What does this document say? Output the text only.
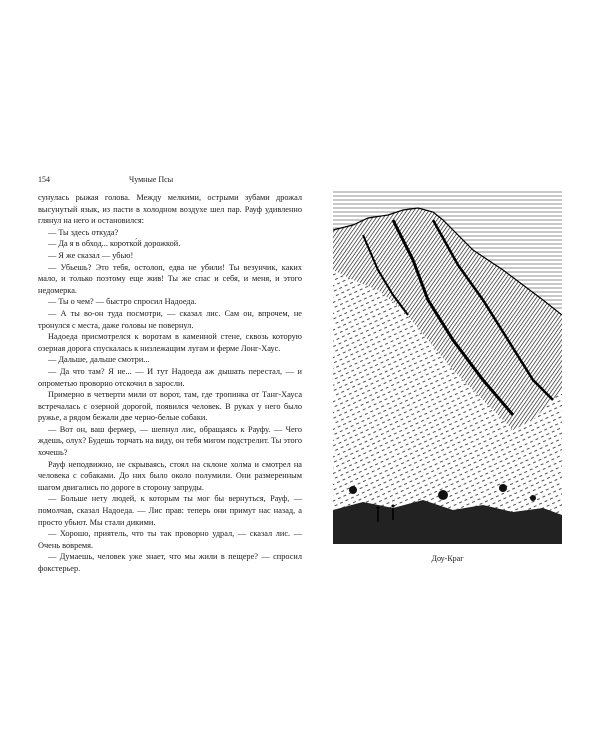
154	Чумные Псы

сунулась рыжая голова. Между мелкими, острыми зубами дрожал высунутый язык, из пасти в холодном воздухе шел пар. Рауф удивленно глянул на него и остановился:

— Ты здесь откуда?

— Да я в обход... коротко́й дорожкой.

— Я же сказал — убью!

— Убьешь? Это тебя, остолоп, едва не убили! Ты везунчик, каких мало, и только поэтому еще жив! Ты же спас и себя, и меня, и этого недомерка.

— Ты о чем? — быстро спросил Надоеда.

— А ты во-он туда посмотри, — сказал лис. Сам он, впрочем, не тронулся с места, даже головы не повернул.

Надоеда присмотрелся к воротам в каменной стене, сквозь которую озерная дорога спускалась к низлежащим лугам и ферме Лонг-Хаус.

— Дальше, дальше смотри...

— Да что там? Я не... — И тут Надоеда аж дышать перестал, — и опрометью проворно отскочил в заросли.

Примерно в четверти мили от ворот, там, где тропинка от Танг-Хауса встречалась с озерной дорогой, появился человек. В руках у него было ружье, а рядом бежали две черно-белые собаки.

— Вот он, ваш фермер, — шепнул лис, обращаясь к Рауфу. — Чего ждешь, олух? Будешь торчать на виду, он тебя мигом подстрелит. Ты этого хочешь?

Рауф неподвижно, не скрываясь, стоял на склоне холма и смотрел на человека с собаками. До них было около полумили. Они размеренным шагом двигались по дороге в сторону запруды.

— Больше нету людей, к которым ты мог бы вернуться, Рауф, — помолчав, сказал Надоеда. — Лис прав: теперь они примут нас назад, а просто убьют. Мы стали дикими.

— Хорошо, приятель, что ты так проворно удрал, — сказал лис. — Очень вовремя.

— Думаешь, человек уже знает, что мы жили в пещере? — спросил фокстерьер.

Доу-Краг
